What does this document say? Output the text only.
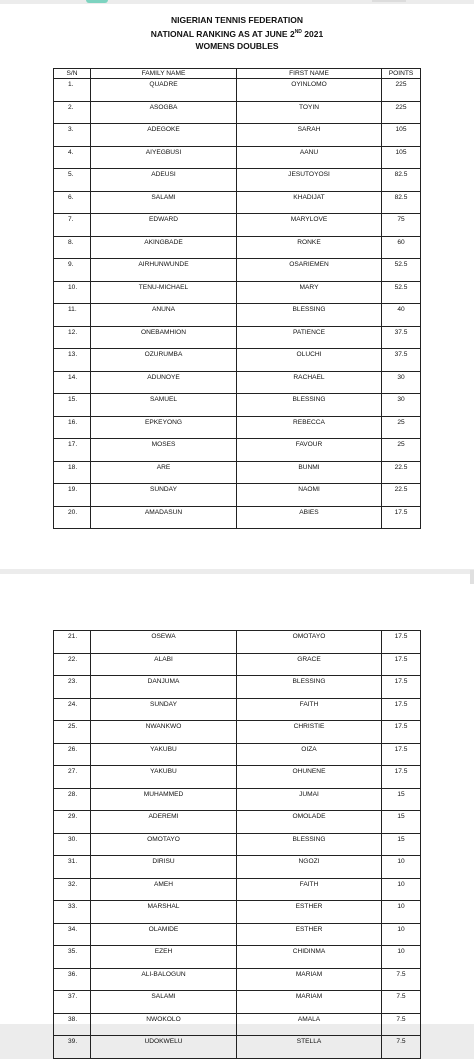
NIGERIAN TENNIS FEDERATION
NATIONAL RANKING AS AT JUNE 2ND 2021
WOMENS DOUBLES
S/N	FAMILY NAME	FIRST NAME	POINTS
1.	QUADRE	OYINLOMO	225
2.	ASOGBA	TOYIN	225
3.	ADEGOKE	SARAH	105
4.	AIYEGBUSI	AANU	105
5.	ADEUSI	JESUTOYOSI	82.5
6.	SALAMI	KHADIJAT	82.5
7.	EDWARD	MARYLOVE	75
8.	AKINGBADE	RONKE	60
9.	AIRHUNWUNDE	OSARIEMEN	52.5
10.	TENU-MICHAEL	MARY	52.5
11.	ANUNA	BLESSING	40
12.	ONEBAMHION	PATIENCE	37.5
13.	OZURUMBA	OLUCHI	37.5
14.	ADUNOYE	RACHAEL	30
15.	SAMUEL	BLESSING	30
16.	EPKEYONG	REBECCA	25
17.	MOSES	FAVOUR	25
18.	ARE	BUNMI	22.5
19.	SUNDAY	NAOMI	22.5
20.	AMADASUN	ABIES	17.5
21.	OSEWA	OMOTAYO	17.5
22.	ALABI	GRACE	17.5
23.	DANJUMA	BLESSING	17.5
24.	SUNDAY	FAITH	17.5
25.	NWANKWO	CHRISTIE	17.5
26.	YAKUBU	OIZA	17.5
27.	YAKUBU	OHUNENE	17.5
28.	MUHAMMED	JUMAI	15
29.	ADEREMI	OMOLADE	15
30.	OMOTAYO	BLESSING	15
31.	DIRISU	NGOZI	10
32.	AMEH	FAITH	10
33.	MARSHAL	ESTHER	10
34.	OLAMIDE	ESTHER	10
35.	EZEH	CHIDINMA	10
36.	ALI-BALOGUN	MARIAM	7.5
37.	SALAMI	MARIAM	7.5
38.	NWOKOLO	AMALA	7.5
39.	UDOKWELU	STELLA	7.5
